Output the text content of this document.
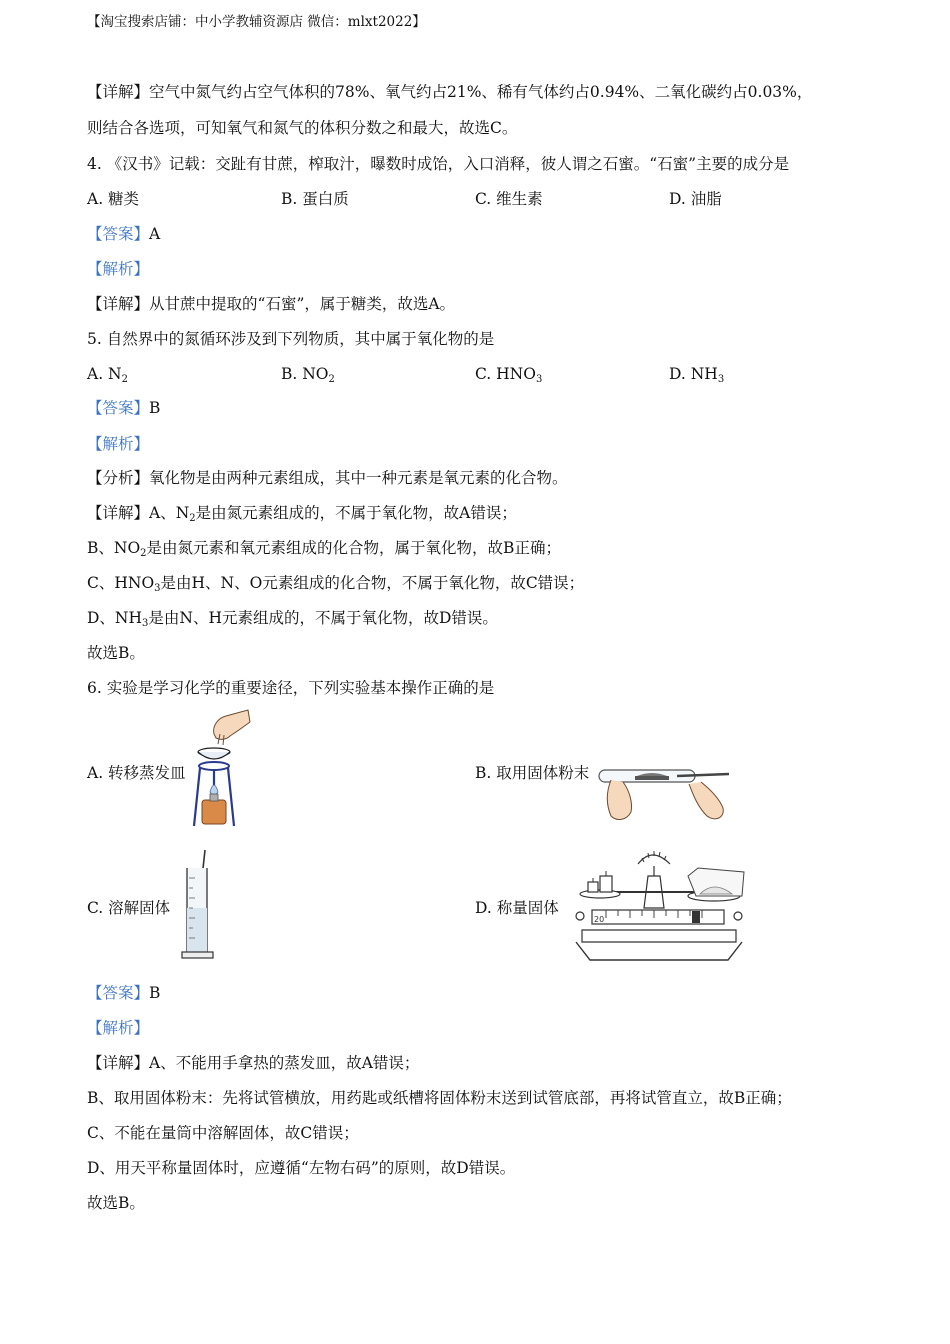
【淘宝搜索店铺：中小学教辅资源店 微信：mlxt2022】
【详解】空气中氮气约占空气体积的78%、氧气约占21%、稀有气体约占0.94%、二氧化碳约占0.03%，
则结合各选项，可知氧气和氮气的体积分数之和最大，故选C。
4. 《汉书》记载：交趾有甘蔗，榨取汁，曝数时成饴，入口消释，彼人谓之石蜜。“石蜜”主要的成分是
A. 糖类	B. 蛋白质	C. 维生素	D. 油脂
【答案】A
【解析】
【详解】从甘蔗中提取的“石蜜”，属于糖类，故选A。
5. 自然界中的氮循环涉及到下列物质，其中属于氧化物的是
A. $N_2$	B. $NO_2$	C. $HNO_3$	D. $NH_3$
【答案】B
【解析】
【分析】氧化物是由两种元素组成，其中一种元素是氧元素的化合物。
【详解】A、$N_2$是由氮元素组成的，不属于氧化物，故A错误；
B、$NO_2$是由氮元素和氧元素组成的化合物，属于氧化物，故B正确；
C、$HNO_3$是由H、N、O元素组成的化合物，不属于氧化物，故C错误；
D、$NH_3$是由N、H元素组成的，不属于氧化物，故D错误。
故选B。
6. 实验是学习化学的重要途径，下列实验基本操作正确的是
A. 转移蒸发皿	B. 取用固体粉末
C. 溶解固体	D. 称量固体
20
【答案】B
【解析】
【详解】A、不能用手拿热的蒸发皿，故A错误；
B、取用固体粉末：先将试管横放，用药匙或纸槽将固体粉末送到试管底部，再将试管直立，故B正确；
C、不能在量筒中溶解固体，故C错误；
D、用天平称量固体时，应遵循“左物右码”的原则，故D错误。
故选B。
